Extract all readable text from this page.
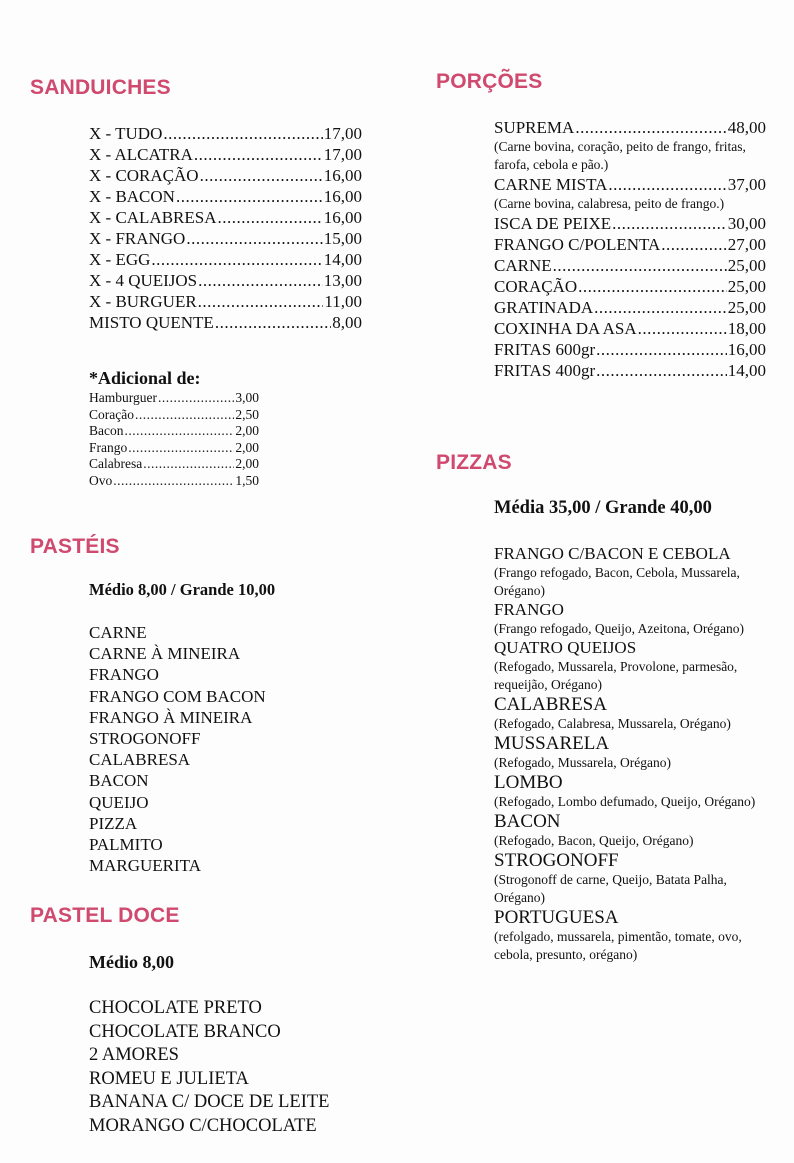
SANDUICHES
X - TUDO .....	17,00
X - ALCATRA .....	17,00
X - CORAÇÃO .....	16,00
X - BACON .....	16,00
X - CALABRESA .....	16,00
X - FRANGO .....	15,00
X - EGG .....	14,00
X - 4 QUEIJOS .....	13,00
X - BURGUER .....	11,00
MISTO QUENTE .....	8,00
*Adicional de:
Hamburguer .....	3,00
Coração .....	2,50
Bacon .....	2,00
Frango .....	2,00
Calabresa .....	2,00
Ovo .....	1,50
PASTÉIS
Médio 8,00 / Grande 10,00
CARNE
CARNE À MINEIRA
FRANGO
FRANGO COM BACON
FRANGO À MINEIRA
STROGONOFF
CALABRESA
BACON
QUEIJO
PIZZA
PALMITO
MARGUERITA
PASTEL DOCE
Médio 8,00
CHOCOLATE PRETO
CHOCOLATE BRANCO
2 AMORES
ROMEU E JULIETA
BANANA C/ DOCE DE LEITE
MORANGO C/CHOCOLATE
PORÇÕES
SUPREMA .....	48,00
(Carne bovina, coração, peito de frango, fritas, farofa, cebola e pão.)
CARNE MISTA .....	37,00
(Carne bovina, calabresa, peito de frango.)
ISCA DE PEIXE .....	30,00
FRANGO C/POLENTA .....	27,00
CARNE .....	25,00
CORAÇÃO .....	25,00
GRATINADA .....	25,00
COXINHA DA ASA .....	18,00
FRITAS 600gr .....	16,00
FRITAS 400gr .....	14,00
PIZZAS
Média 35,00 / Grande 40,00
FRANGO C/BACON E CEBOLA
(Frango refogado, Bacon, Cebola, Mussarela, Orégano)
FRANGO
(Frango refogado, Queijo, Azeitona, Orégano)
QUATRO QUEIJOS
(Refogado, Mussarela, Provolone, parmesão, requeijão, Orégano)
CALABRESA
(Refogado, Calabresa, Mussarela, Orégano)
MUSSARELA
(Refogado, Mussarela, Orégano)
LOMBO
(Refogado, Lombo defumado, Queijo, Orégano)
BACON
(Refogado, Bacon, Queijo, Orégano)
STROGONOFF
(Strogonoff de carne, Queijo, Batata Palha, Orégano)
PORTUGUESA
(refolgado, mussarela, pimentão, tomate, ovo, cebola, presunto, orégano)
